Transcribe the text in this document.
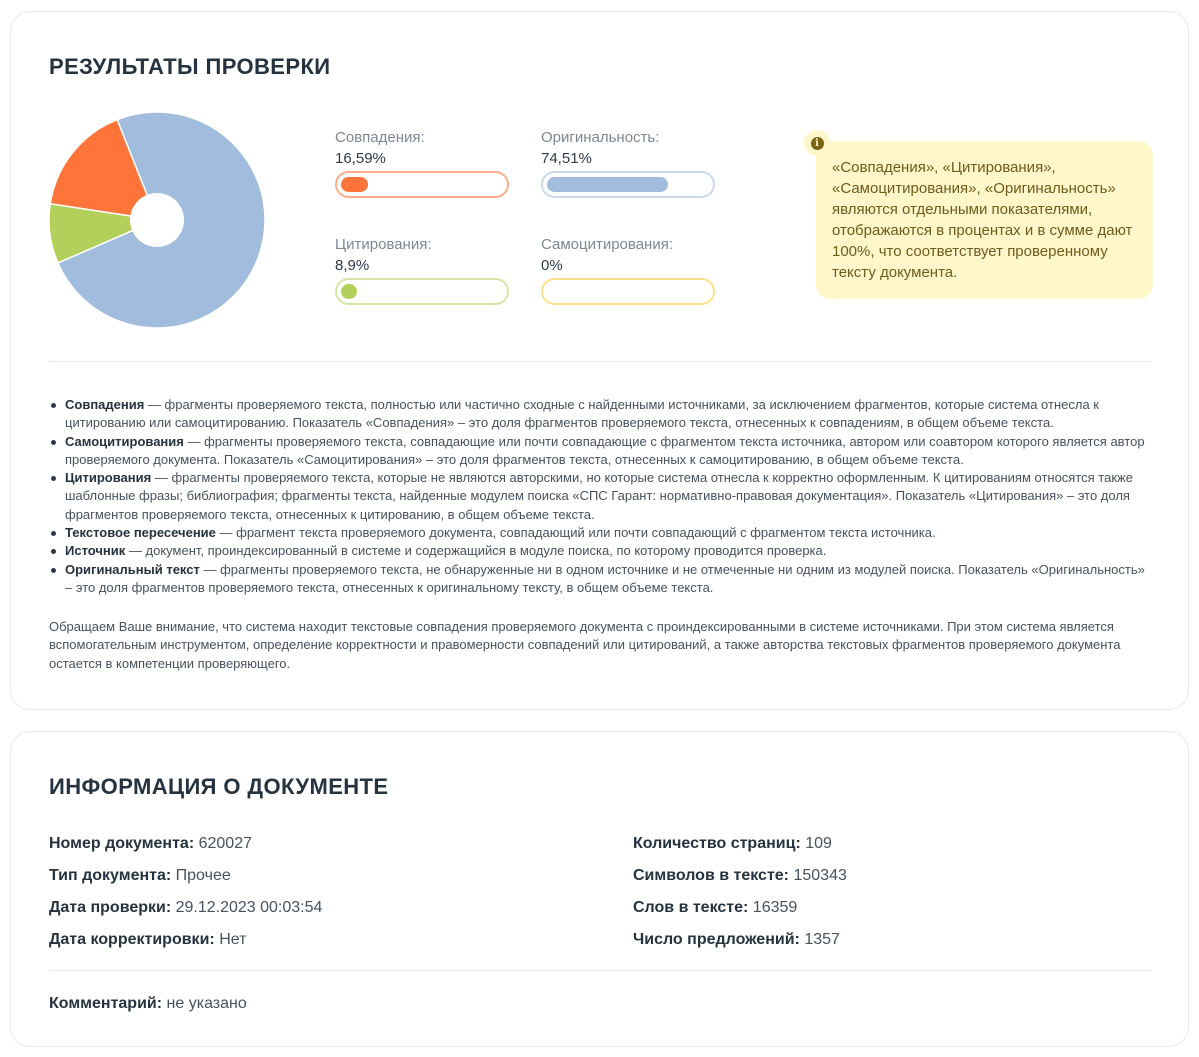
РЕЗУЛЬТАТЫ ПРОВЕРКИ
Совпадения:
16,59%
Оригинальность:
74,51%
Цитирования:
8,9%
Самоцитирования:
0%
i
«Совпадения», «Цитирования», «Самоцитирования», «Оригинальность» являются отдельными показателями, отображаются в процентах и в сумме дают 100%, что соответствует проверенному тексту документа.
Совпадения — фрагменты проверяемого текста, полностью или частично сходные с найденными источниками, за исключением фрагментов, которые система отнесла к цитированию или самоцитированию. Показатель «Совпадения» – это доля фрагментов проверяемого текста, отнесенных к совпадениям, в общем объеме текста.
Самоцитирования — фрагменты проверяемого текста, совпадающие или почти совпадающие с фрагментом текста источника, автором или соавтором которого является автор проверяемого документа. Показатель «Самоцитирования» – это доля фрагментов текста, отнесенных к самоцитированию, в общем объеме текста.
Цитирования — фрагменты проверяемого текста, которые не являются авторскими, но которые система отнесла к корректно оформленным. К цитированиям относятся также шаблонные фразы; библиография; фрагменты текста, найденные модулем поиска «СПС Гарант: нормативно-правовая документация». Показатель «Цитирования» – это доля фрагментов проверяемого текста, отнесенных к цитированию, в общем объеме текста.
Текстовое пересечение — фрагмент текста проверяемого документа, совпадающий или почти совпадающий с фрагментом текста источника.
Источник — документ, проиндексированный в системе и содержащийся в модуле поиска, по которому проводится проверка.
Оригинальный текст — фрагменты проверяемого текста, не обнаруженные ни в одном источнике и не отмеченные ни одним из модулей поиска. Показатель «Оригинальность» – это доля фрагментов проверяемого текста, отнесенных к оригинальному тексту, в общем объеме текста.
Обращаем Ваше внимание, что система находит текстовые совпадения проверяемого документа с проиндексированными в системе источниками. При этом система является вспомогательным инструментом, определение корректности и правомерности совпадений или цитирований, а также авторства текстовых фрагментов проверяемого документа остается в компетенции проверяющего.
ИНФОРМАЦИЯ О ДОКУМЕНТЕ
Номер документа: 620027
Тип документа: Прочее
Дата проверки: 29.12.2023 00:03:54
Дата корректировки: Нет
Количество страниц: 109
Символов в тексте: 150343
Слов в тексте: 16359
Число предложений: 1357
Комментарий: не указано
